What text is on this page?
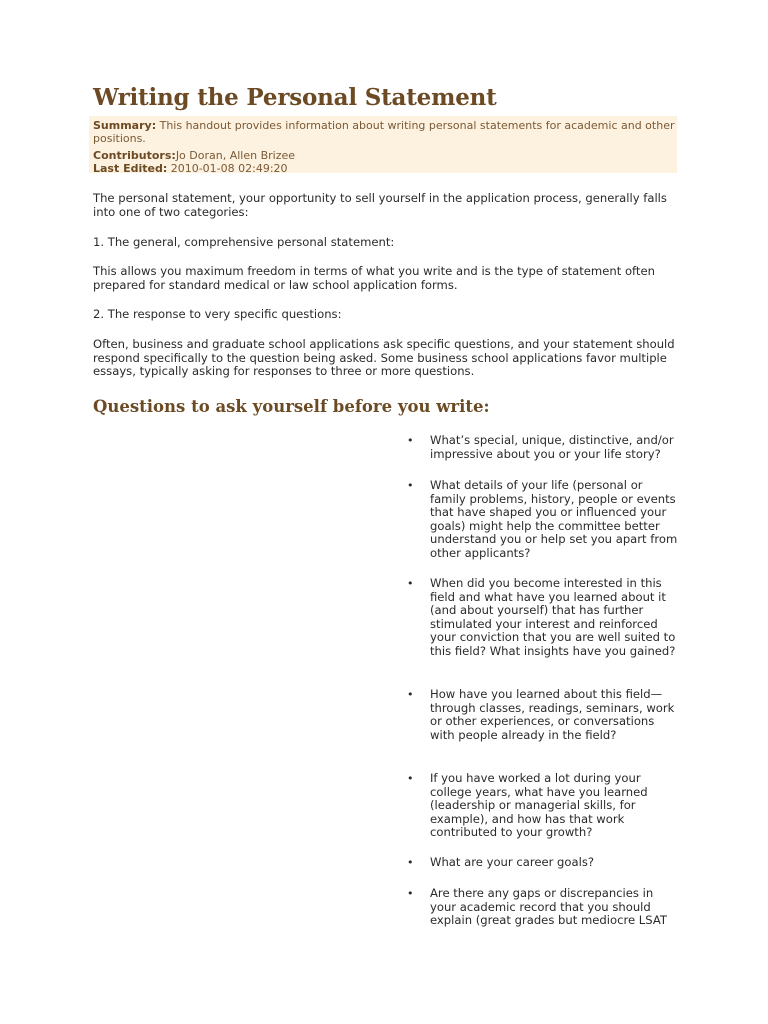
Writing the Personal Statement
Summary: This handout provides information about writing personal statements for academic and other positions.
Contributors:Jo Doran, Allen Brizee
Last Edited: 2010-01-08 02:49:20

The personal statement, your opportunity to sell yourself in the application process, generally falls into one of two categories:

1. The general, comprehensive personal statement:

This allows you maximum freedom in terms of what you write and is the type of statement often prepared for standard medical or law school application forms.

2. The response to very specific questions:

Often, business and graduate school applications ask specific questions, and your statement should respond specifically to the question being asked. Some business school applications favor multiple essays, typically asking for responses to three or more questions.

Questions to ask yourself before you write:
• What’s special, unique, distinctive, and/or impressive about you or your life story?
• What details of your life (personal or family problems, history, people or events that have shaped you or influenced your goals) might help the committee better understand you or help set you apart from other applicants?
• When did you become interested in this field and what have you learned about it (and about yourself) that has further stimulated your interest and reinforced your conviction that you are well suited to this field? What insights have you gained?
• How have you learned about this field—through classes, readings, seminars, work or other experiences, or conversations with people already in the field?
• If you have worked a lot during your college years, what have you learned (leadership or managerial skills, for example), and how has that work contributed to your growth?
• What are your career goals?
• Are there any gaps or discrepancies in your academic record that you should explain (great grades but mediocre LSAT
